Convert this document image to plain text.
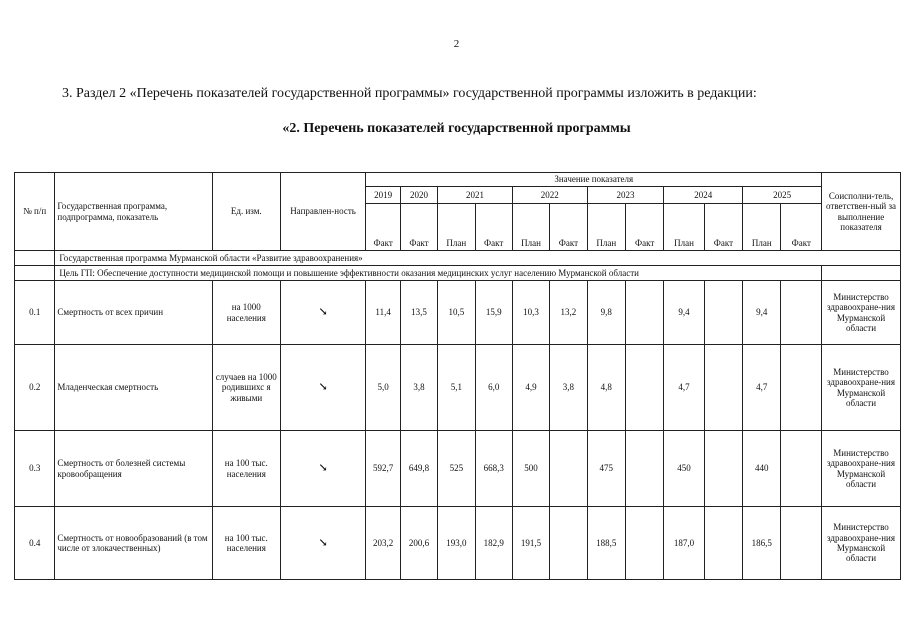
2
3. Раздел 2 «Перечень показателей государственной программы» государственной программы изложить в редакции:
«2. Перечень показателей государственной программы
№ п/п	Государственная программа, подпрограмма, показатель	Ед. изм.	Направлен-ность	Значение показателя												Соисполни-тель, ответствен-ный за выполнение показателя
				2019	2020	2021		2022		2023		2024		2025		
				Факт	Факт	План	Факт	План	Факт	План	Факт	План	Факт	План	Факт	
	Государственная программа Мурманской области «Развитие здравоохранения»															
	Цель ГП: Обеспечение доступности медицинской помощи и повышение эффективности оказания медицинских услуг населению Мурманской области															
0.1	Смертность от всех причин	на 1000 населения	↘	11,4	13,5	10,5	15,9	10,3	13,2	9,8		9,4		9,4		Министерство здравоохране-ния Мурманской области
0.2	Младенческая смертность	случаев на 1000 родившихс я живыми	↘	5,0	3,8	5,1	6,0	4,9	3,8	4,8		4,7		4,7		Министерство здравоохране-ния Мурманской области
0.3	Смертность от болезней системы кровообращения	на 100 тыс. населения	↘	592,7	649,8	525	668,3	500		475		450		440		Министерство здравоохране-ния Мурманской области
0.4	Смертность от новообразований (в том числе от злокачественных)	на 100 тыс. населения	↘	203,2	200,6	193,0	182,9	191,5		188,5		187,0		186,5		Министерство здравоохране-ния Мурманской области
